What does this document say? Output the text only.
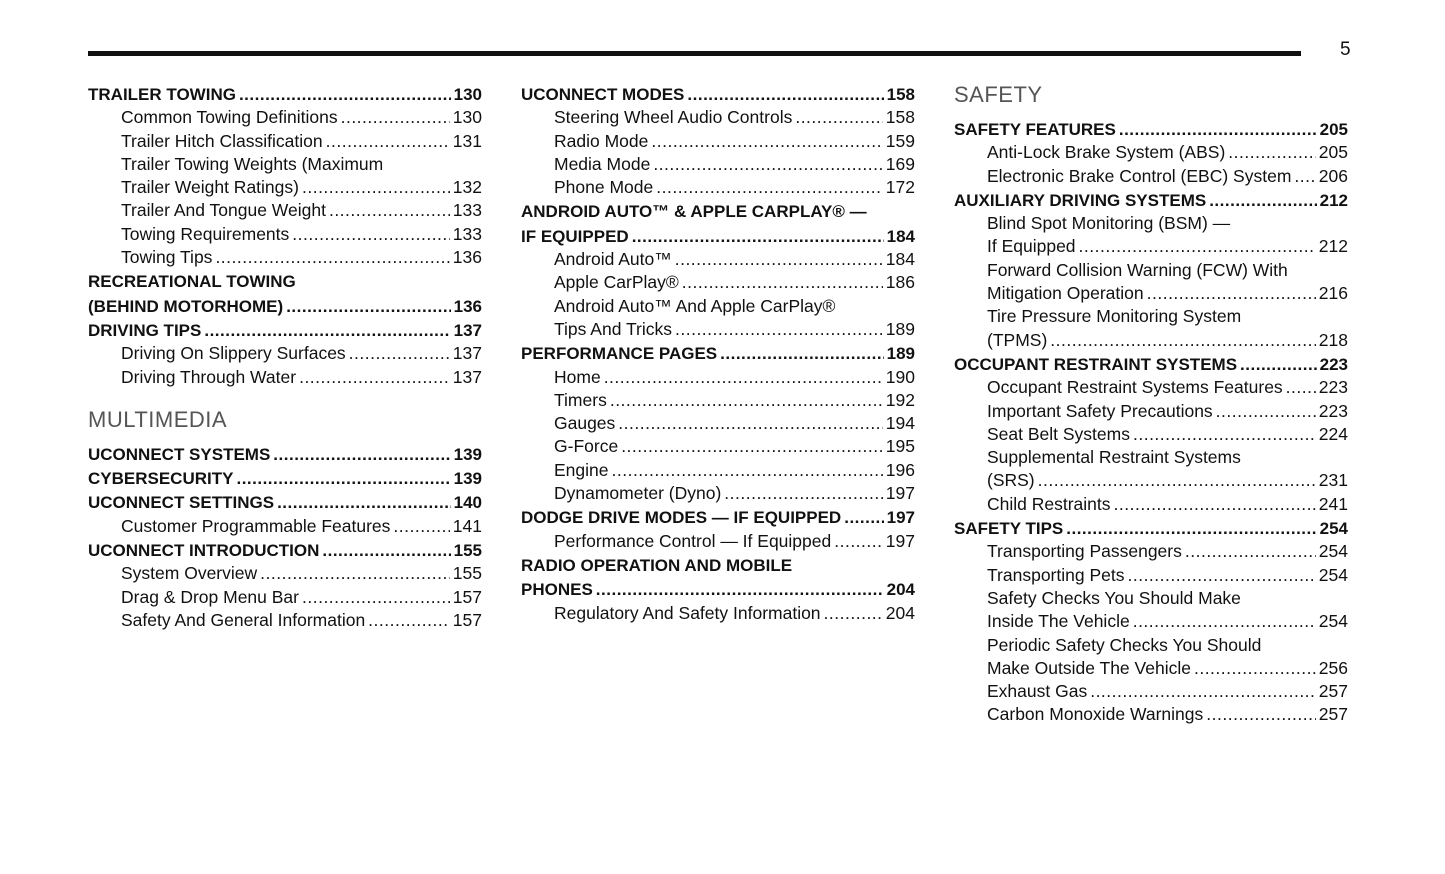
5
TRAILER TOWING .....	130
Common Towing Definitions .....	130
Trailer Hitch Classification .....	131
Trailer Towing Weights (Maximum
Trailer Weight Ratings) .....	132
Trailer And Tongue Weight .....	133
Towing Requirements .....	133
Towing Tips .....	136
RECREATIONAL TOWING
(BEHIND MOTORHOME) .....	136
DRIVING TIPS .....	137
Driving On Slippery Surfaces .....	137
Driving Through Water .....	137
MULTIMEDIA
UCONNECT SYSTEMS .....	139
CYBERSECURITY .....	139
UCONNECT SETTINGS .....	140
Customer Programmable Features .....	141
UCONNECT INTRODUCTION .....	155
System Overview .....	155
Drag & Drop Menu Bar .....	157
Safety And General Information .....	157
UCONNECT MODES .....	158
Steering Wheel Audio Controls .....	158
Radio Mode .....	159
Media Mode .....	169
Phone Mode .....	172
ANDROID AUTO™ & APPLE CARPLAY® —
IF EQUIPPED .....	184
Android Auto™ .....	184
Apple CarPlay® .....	186
Android Auto™ And Apple CarPlay®
Tips And Tricks .....	189
PERFORMANCE PAGES .....	189
Home .....	190
Timers .....	192
Gauges .....	194
G-Force .....	195
Engine .....	196
Dynamometer (Dyno) .....	197
DODGE DRIVE MODES — IF EQUIPPED .....	197
Performance Control — If Equipped .....	197
RADIO OPERATION AND MOBILE
PHONES .....	204
Regulatory And Safety Information .....	204
SAFETY
SAFETY FEATURES .....	205
Anti-Lock Brake System (ABS) .....	205
Electronic Brake Control (EBC) System ..... 206
AUXILIARY DRIVING SYSTEMS .....	212
Blind Spot Monitoring (BSM) —
If Equipped .....	212
Forward Collision Warning (FCW) With
Mitigation Operation .....	216
Tire Pressure Monitoring System
(TPMS) .....	218
OCCUPANT RESTRAINT SYSTEMS .....	223
Occupant Restraint Systems Features ..... 223
Important Safety Precautions .....	223
Seat Belt Systems .....	224
Supplemental Restraint Systems
(SRS) .....	231
Child Restraints .....	241
SAFETY TIPS .....	254
Transporting Passengers .....	254
Transporting Pets .....	254
Safety Checks You Should Make
Inside The Vehicle .....	254
Periodic Safety Checks You Should
Make Outside The Vehicle .....	256
Exhaust Gas .....	257
Carbon Monoxide Warnings .....	257
